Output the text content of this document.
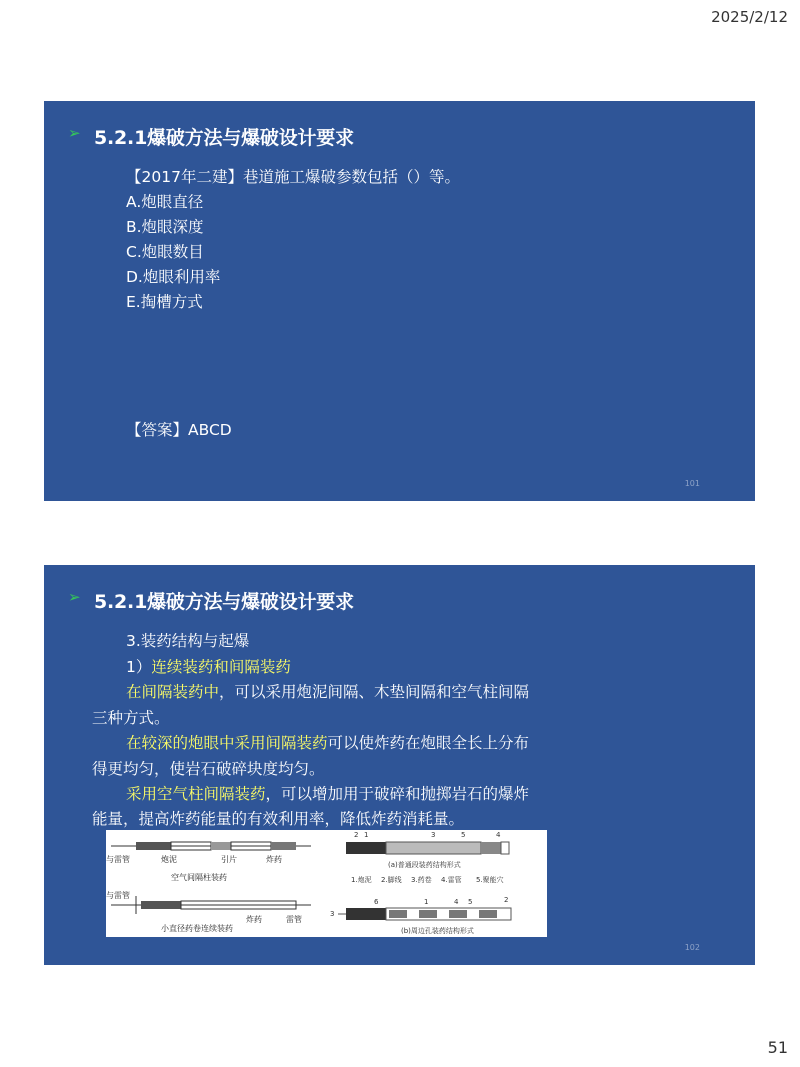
2025/2/12
➢ 5.2.1爆破方法与爆破设计要求
【2017年二建】巷道施工爆破参数包括（）等。
A.炮眼直径
B.炮眼深度
C.炮眼数目
D.炮眼利用率
E.掏槽方式
【答案】ABCD
101
➢ 5.2.1爆破方法与爆破设计要求
3.装药结构与起爆
1）连续装药和间隔装药
在间隔装药中，可以采用炮泥间隔、木垫间隔和空气柱间隔
三种方式。
在较深的炮眼中采用间隔装药可以使炸药在炮眼全长上分布
得更均匀，使岩石破碎块度均匀。
采用空气柱间隔装药，可以增加用于破碎和抛掷岩石的爆炸
能量，提高炸药能量的有效利用率，降低炸药消耗量。
与雷管	炮泥	引片	炸药
空气间隔柱装药
与雷管
炸药	雷管
小直径药卷连续装药
2 1	3	5	4
(a)普通段装药结构形式
1.炮泥 2.脚线 3.药卷 4.雷管 5.聚能穴
6	1	4 5	2
3
(b)周边孔装药结构形式
102
51
